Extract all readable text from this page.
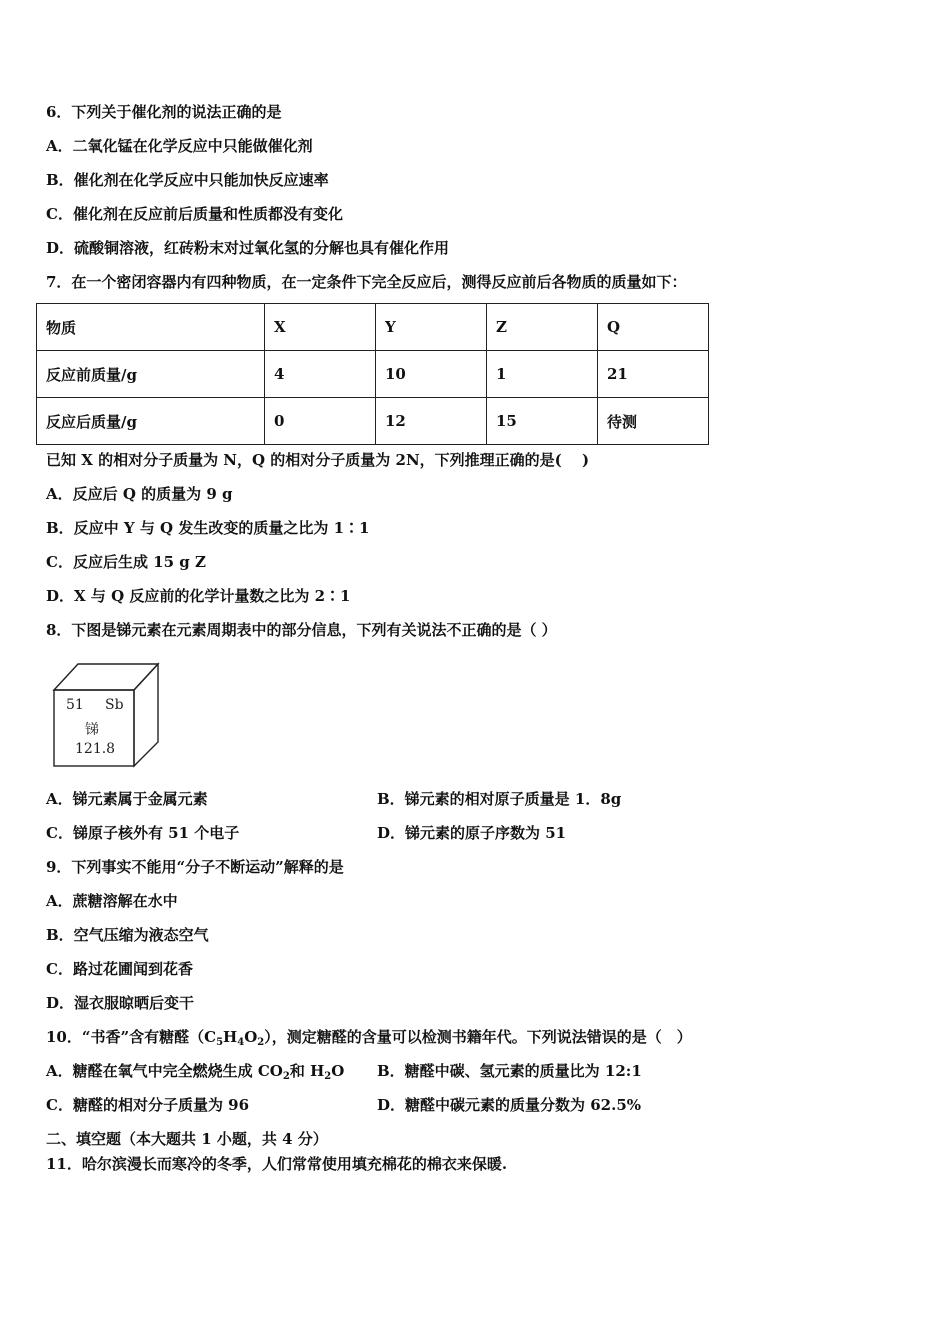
6．下列关于催化剂的说法正确的是
A．二氧化锰在化学反应中只能做催化剂
B．催化剂在化学反应中只能加快反应速率
C．催化剂在反应前后质量和性质都没有变化
D．硫酸铜溶液，红砖粉末对过氧化氢的分解也具有催化作用
7．在一个密闭容器内有四种物质，在一定条件下完全反应后，测得反应前后各物质的质量如下：
物质	X	Y	Z	Q
反应前质量/g	4	10	1	21
反应后质量/g	0	12	15	待测
已知 X 的相对分子质量为 N，Q 的相对分子质量为 2N，下列推理正确的是(　 )
A．反应后 Q 的质量为 9 g
B．反应中 Y 与 Q 发生改变的质量之比为 1∶1
C．反应后生成 15 g Z
D．X 与 Q 反应前的化学计量数之比为 2∶1
8．下图是锑元素在元素周期表中的部分信息，下列有关说法不正确的是（ ）
51 Sb
锑
121.8
A．锑元素属于金属元素	B．锑元素的相对原子质量是 1．8g
C．锑原子核外有 51 个电子	D．锑元素的原子序数为 51
9．下列事实不能用“分子不断运动”解释的是
A．蔗糖溶解在水中
B．空气压缩为液态空气
C．路过花圃闻到花香
D．湿衣服晾晒后变干
10．“书香”含有糖醛$(C_5H_4O_2)$，测定糖醛的含量可以检测书籍年代。下列说法错误的是（　）
A．糖醛在氧气中完全燃烧生成 $CO_2$和 $H_2O$ B．糖醛中碳、氢元素的质量比为 12:1
C．糖醛的相对分子质量为 96	D．糖醛中碳元素的质量分数为 62.5%
二、填空题（本大题共 1 小题，共 4 分）
11．哈尔滨漫长而寒冷的冬季，人们常常使用填充棉花的棉衣来保暖.
